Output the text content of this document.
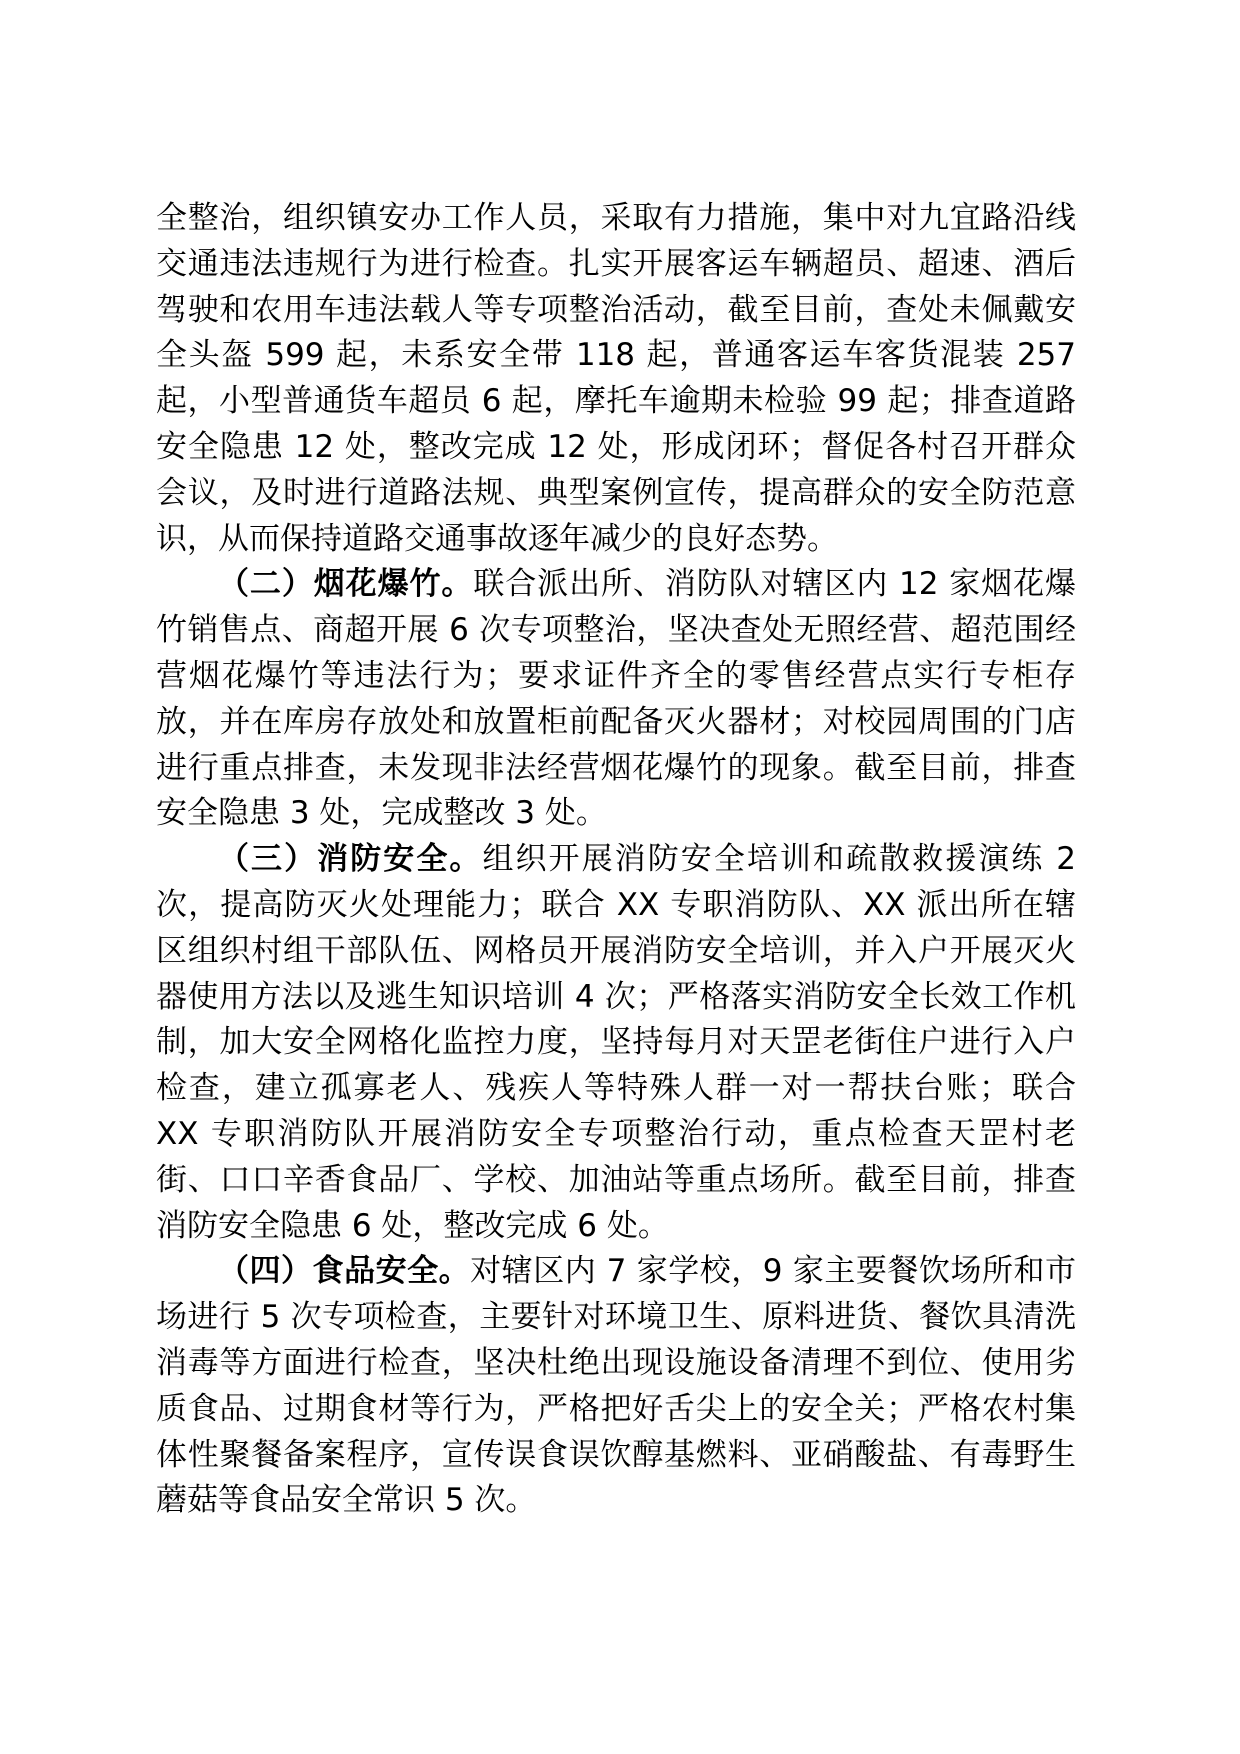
全整治，组织镇安办工作人员，采取有力措施，集中对九宜路沿线交通违法违规行为进行检查。扎实开展客运车辆超员、超速、酒后驾驶和农用车违法载人等专项整治活动，截至目前，查处未佩戴安全头盔 599 起，未系安全带 118 起，普通客运车客货混装 257 起，小型普通货车超员 6 起，摩托车逾期未检验 99 起；排查道路安全隐患 12 处，整改完成 12 处，形成闭环；督促各村召开群众会议，及时进行道路法规、典型案例宣传，提高群众的安全防范意识，从而保持道路交通事故逐年减少的良好态势。

（二）烟花爆竹。联合派出所、消防队对辖区内 12 家烟花爆竹销售点、商超开展 6 次专项整治，坚决查处无照经营、超范围经营烟花爆竹等违法行为；要求证件齐全的零售经营点实行专柜存放，并在库房存放处和放置柜前配备灭火器材；对校园周围的门店进行重点排查，未发现非法经营烟花爆竹的现象。截至目前，排查安全隐患 3 处，完成整改 3 处。

（三）消防安全。组织开展消防安全培训和疏散救援演练 2 次，提高防灭火处理能力；联合 XX 专职消防队、XX 派出所在辖区组织村组干部队伍、网格员开展消防安全培训，并入户开展灭火器使用方法以及逃生知识培训 4 次；严格落实消防安全长效工作机制，加大安全网格化监控力度，坚持每月对天罡老街住户进行入户检查，建立孤寡老人、残疾人等特殊人群一对一帮扶台账；联合 XX 专职消防队开展消防安全专项整治行动，重点检查天罡村老街、口口辛香食品厂、学校、加油站等重点场所。截至目前，排查消防安全隐患 6 处，整改完成 6 处。

（四）食品安全。对辖区内 7 家学校，9 家主要餐饮场所和市场进行 5 次专项检查，主要针对环境卫生、原料进货、餐饮具清洗消毒等方面进行检查，坚决杜绝出现设施设备清理不到位、使用劣质食品、过期食材等行为，严格把好舌尖上的安全关；严格农村集体性聚餐备案程序，宣传误食误饮醇基燃料、亚硝酸盐、有毒野生蘑菇等食品安全常识 5 次。
